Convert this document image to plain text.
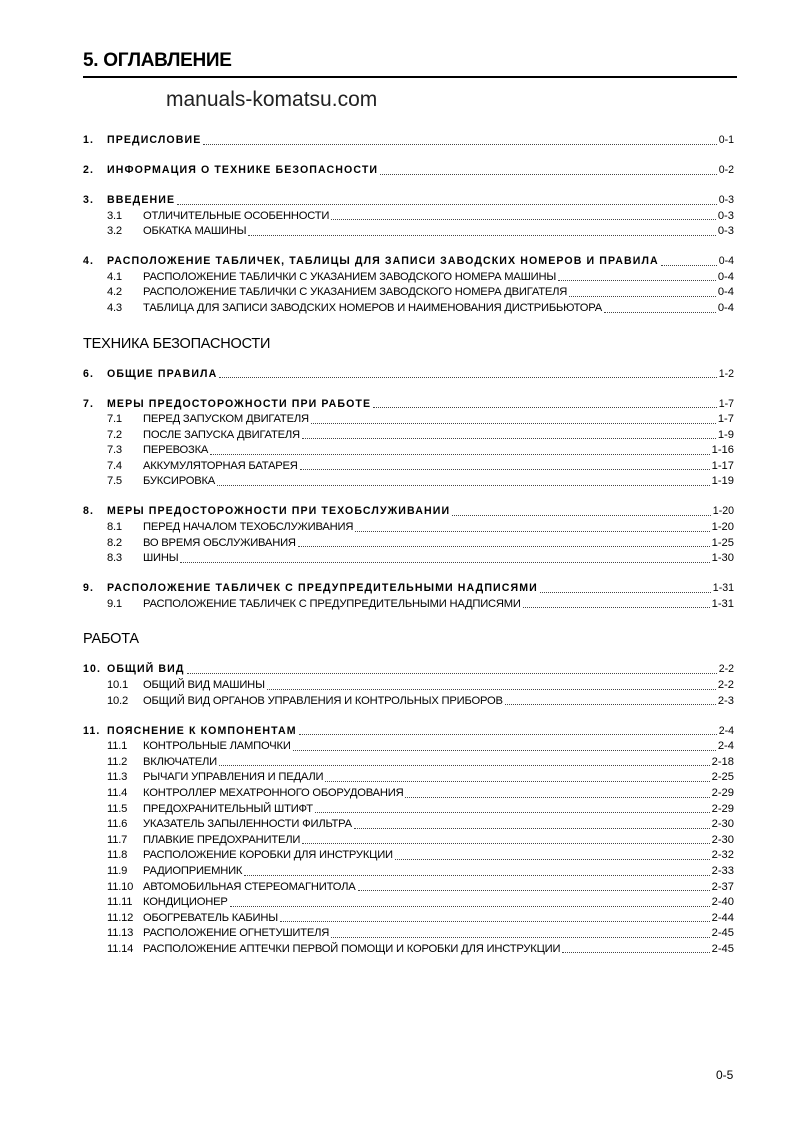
5. ОГЛАВЛЕНИЕ
manuals-komatsu.com
1.	ПРЕДИСЛОВИЕ	0-1
2.	ИНФОРМАЦИЯ О ТЕХНИКЕ БЕЗОПАСНОСТИ	0-2
3.	ВВЕДЕНИЕ	0-3
3.1	ОТЛИЧИТЕЛЬНЫЕ ОСОБЕННОСТИ	0-3
3.2	ОБКАТКА МАШИНЫ	0-3
4.	РАСПОЛОЖЕНИЕ ТАБЛИЧЕК, ТАБЛИЦЫ ДЛЯ ЗАПИСИ ЗАВОДСКИХ НОМЕРОВ И ПРАВИЛА	0-4
4.1	РАСПОЛОЖЕНИЕ ТАБЛИЧКИ С УКАЗАНИЕМ ЗАВОДСКОГО НОМЕРА МАШИНЫ	0-4
4.2	РАСПОЛОЖЕНИЕ ТАБЛИЧКИ С УКАЗАНИЕМ ЗАВОДСКОГО НОМЕРА ДВИГАТЕЛЯ	0-4
4.3	ТАБЛИЦА ДЛЯ ЗАПИСИ ЗАВОДСКИХ НОМЕРОВ И НАИМЕНОВАНИЯ ДИСТРИБЬЮТОРА	0-4
ТЕХНИКА БЕЗОПАСНОСТИ
6.	ОБЩИЕ ПРАВИЛА	1-2
7.	МЕРЫ ПРЕДОСТОРОЖНОСТИ ПРИ РАБОТЕ	1-7
7.1	ПЕРЕД ЗАПУСКОМ ДВИГАТЕЛЯ	1-7
7.2	ПОСЛЕ ЗАПУСКА ДВИГАТЕЛЯ	1-9
7.3	ПЕРЕВОЗКА	1-16
7.4	АККУМУЛЯТОРНАЯ БАТАРЕЯ	1-17
7.5	БУКСИРОВКА	1-19
8.	МЕРЫ ПРЕДОСТОРОЖНОСТИ ПРИ ТЕХОБСЛУЖИВАНИИ	1-20
8.1	ПЕРЕД НАЧАЛОМ ТЕХОБСЛУЖИВАНИЯ	1-20
8.2	ВО ВРЕМЯ ОБСЛУЖИВАНИЯ	1-25
8.3	ШИНЫ	1-30
9.	РАСПОЛОЖЕНИЕ ТАБЛИЧЕК С ПРЕДУПРЕДИТЕЛЬНЫМИ НАДПИСЯМИ	1-31
9.1	РАСПОЛОЖЕНИЕ ТАБЛИЧЕК С ПРЕДУПРЕДИТЕЛЬНЫМИ НАДПИСЯМИ	1-31
РАБОТА
10. ОБЩИЙ ВИД	2-2
10.1	ОБЩИЙ ВИД МАШИНЫ	2-2
10.2	ОБЩИЙ ВИД ОРГАНОВ УПРАВЛЕНИЯ И КОНТРОЛЬНЫХ ПРИБОРОВ	2-3
11. ПОЯСНЕНИЕ К КОМПОНЕНТАМ	2-4
11.1	КОНТРОЛЬНЫЕ ЛАМПОЧКИ	2-4
11.2	ВКЛЮЧАТЕЛИ	2-18
11.3	РЫЧАГИ УПРАВЛЕНИЯ И ПЕДАЛИ	2-25
11.4	КОНТРОЛЛЕР МЕХАТРОННОГО ОБОРУДОВАНИЯ	2-29
11.5	ПРЕДОХРАНИТЕЛЬНЫЙ ШТИФТ	2-29
11.6	УКАЗАТЕЛЬ ЗАПЫЛЕННОСТИ ФИЛЬТРА	2-30
11.7	ПЛАВКИЕ ПРЕДОХРАНИТЕЛИ	2-30
11.8	РАСПОЛОЖЕНИЕ КОРОБКИ ДЛЯ ИНСТРУКЦИИ	2-32
11.9	РАДИОПРИЕМНИК	2-33
11.10 АВТОМОБИЛЬНАЯ СТЕРЕОМАГНИТОЛА	2-37
11.11 КОНДИЦИОНЕР	2-40
11.12 ОБОГРЕВАТЕЛЬ КАБИНЫ	2-44
11.13 РАСПОЛОЖЕНИЕ ОГНЕТУШИТЕЛЯ	2-45
11.14 РАСПОЛОЖЕНИЕ АПТЕЧКИ ПЕРВОЙ ПОМОЩИ И КОРОБКИ ДЛЯ ИНСТРУКЦИИ	2-45
0-5
